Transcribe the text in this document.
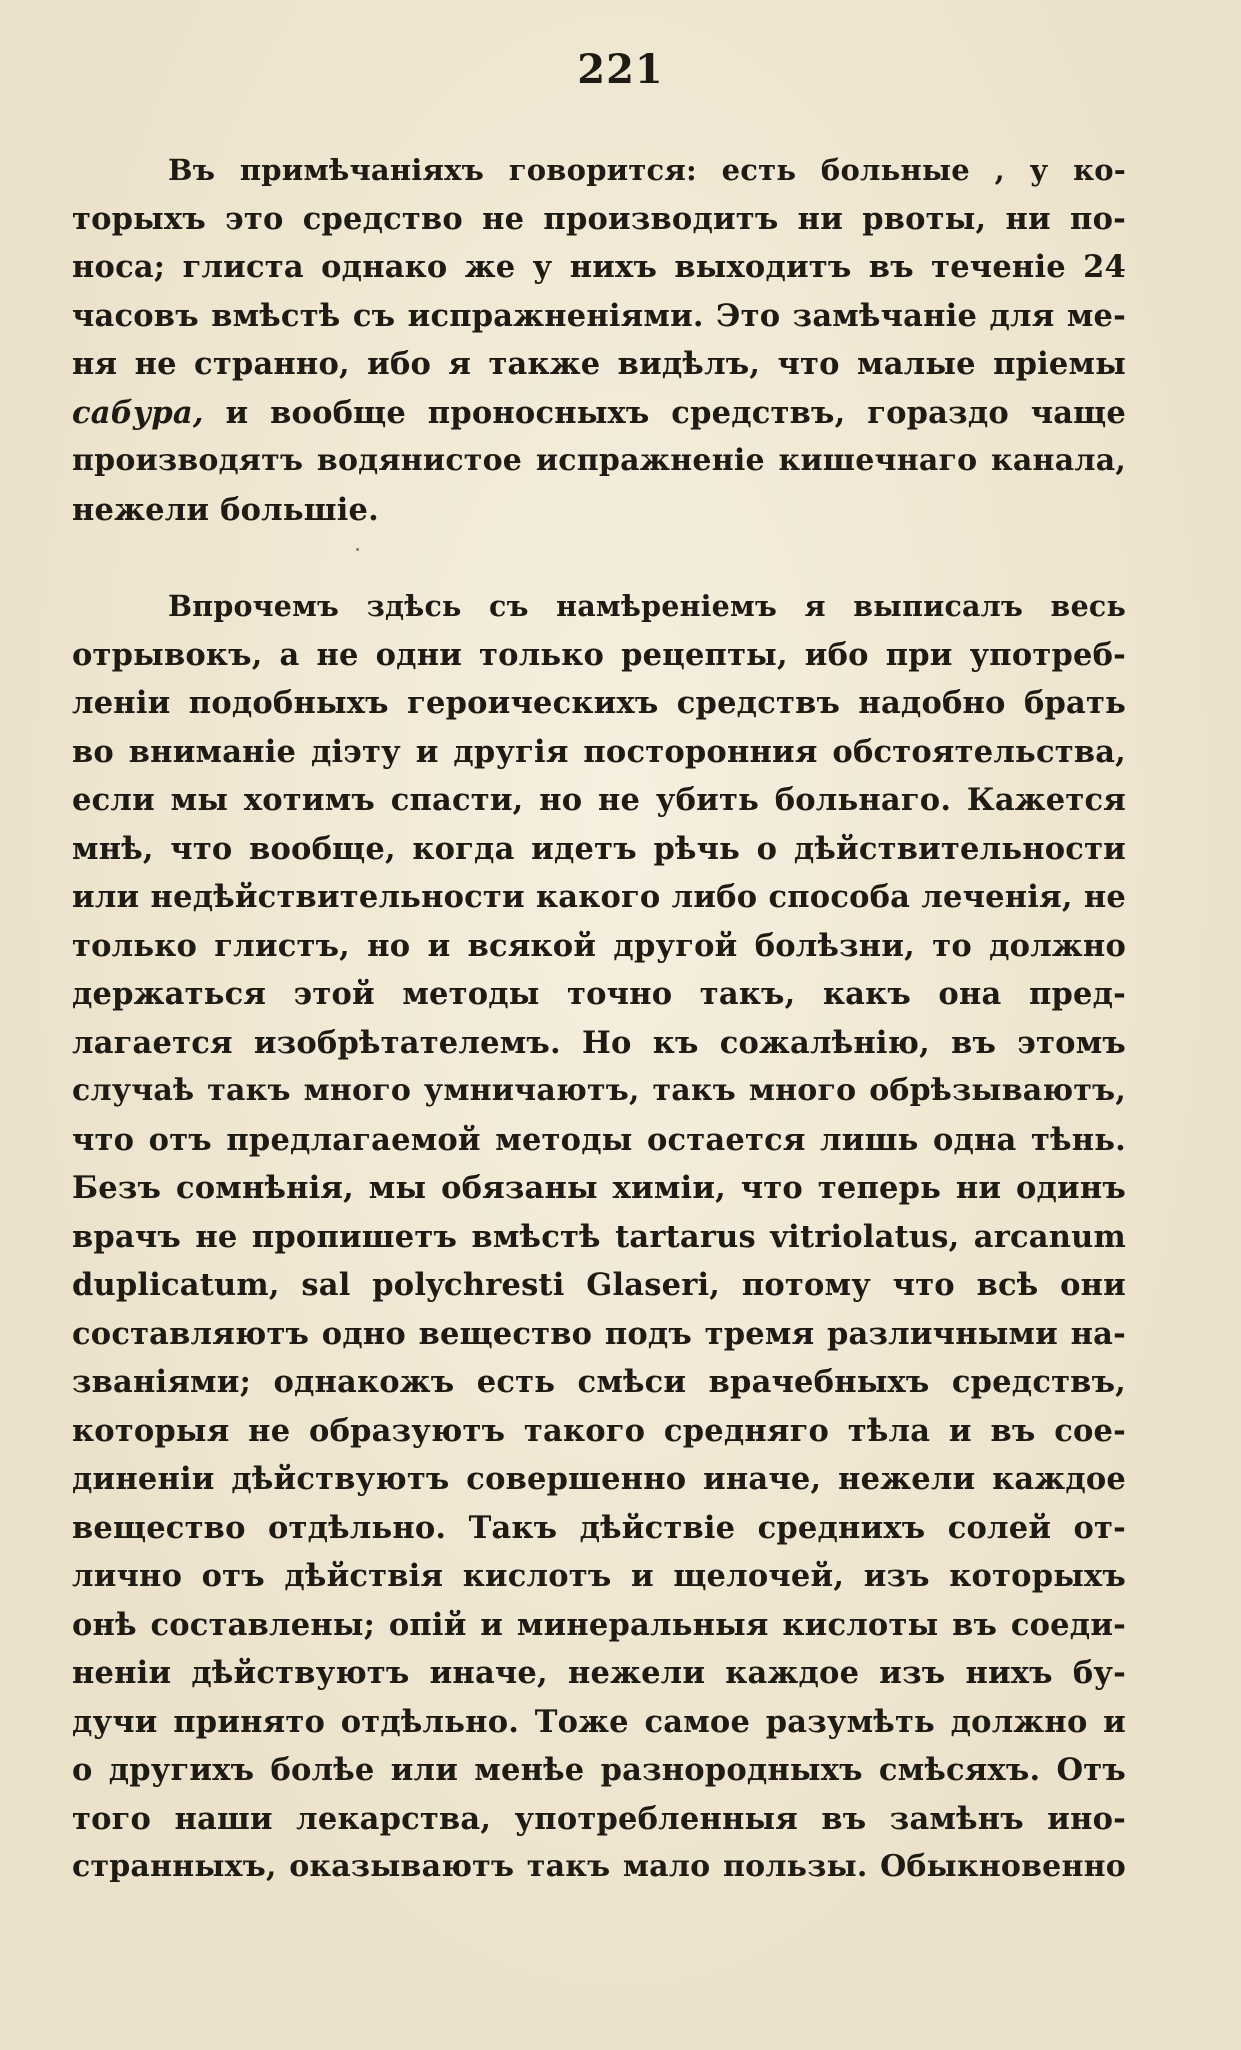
221
Въ примѣчаніяхъ говорится: есть больные , у ко-
торыхъ это средство не производитъ ни рвоты, ни по-
носа; глиста однако же у нихъ выходитъ въ теченіе 24
часовъ вмѣстѣ съ испражненіями. Это замѣчаніе для ме-
ня не странно, ибо я также видѣлъ, что малые пріемы
сабура, и вообще проносныхъ средствъ, гораздо чаще
производятъ водянистое испражненіе кишечнаго канала,
нежели большіе.
Впрочемъ здѣсь съ намѣреніемъ я выписалъ весь
отрывокъ, а не одни только рецепты, ибо при употреб-
леніи подобныхъ героическихъ средствъ надобно брать
во вниманіе діэту и другія посторонния обстоятельства,
если мы хотимъ спасти, но не убить больнаго. Кажется
мнѣ, что вообще, когда идетъ рѣчь о дѣйствительности
или недѣйствительности какого либо способа леченія, не
только глистъ, но и всякой другой болѣзни, то должно
держаться этой методы точно такъ, какъ она пред-
лагается изобрѣтателемъ. Но къ сожалѣнію, въ этомъ
случаѣ такъ много умничаютъ, такъ много обрѣзываютъ,
что отъ предлагаемой методы остается лишь одна тѣнь.
Безъ сомнѣнія, мы обязаны химіи, что теперь ни одинъ
врачъ не пропишетъ вмѣстѣ tartarus vitriolatus, arcanum
duplicatum, sal polychresti Glaseri, потому что всѣ они
составляютъ одно вещество подъ тремя различными на-
званіями; однакожъ есть смѣси врачебныхъ средствъ,
которыя не образуютъ такого средняго тѣла и въ сое-
диненіи дѣйствуютъ совершенно иначе, нежели каждое
вещество отдѣльно. Такъ дѣйствіе среднихъ солей от-
лично отъ дѣйствія кислотъ и щелочей, изъ которыхъ
онѣ составлены; опій и минеральныя кислоты въ соеди-
неніи дѣйствуютъ иначе, нежели каждое изъ нихъ бу-
дучи принято отдѣльно. Тоже самое разумѣть должно и
о другихъ болѣе или менѣе разнородныхъ смѣсяхъ. Отъ
того наши лекарства, употребленныя въ замѣнъ ино-
странныхъ, оказываютъ такъ мало пользы. Обыкновенно
